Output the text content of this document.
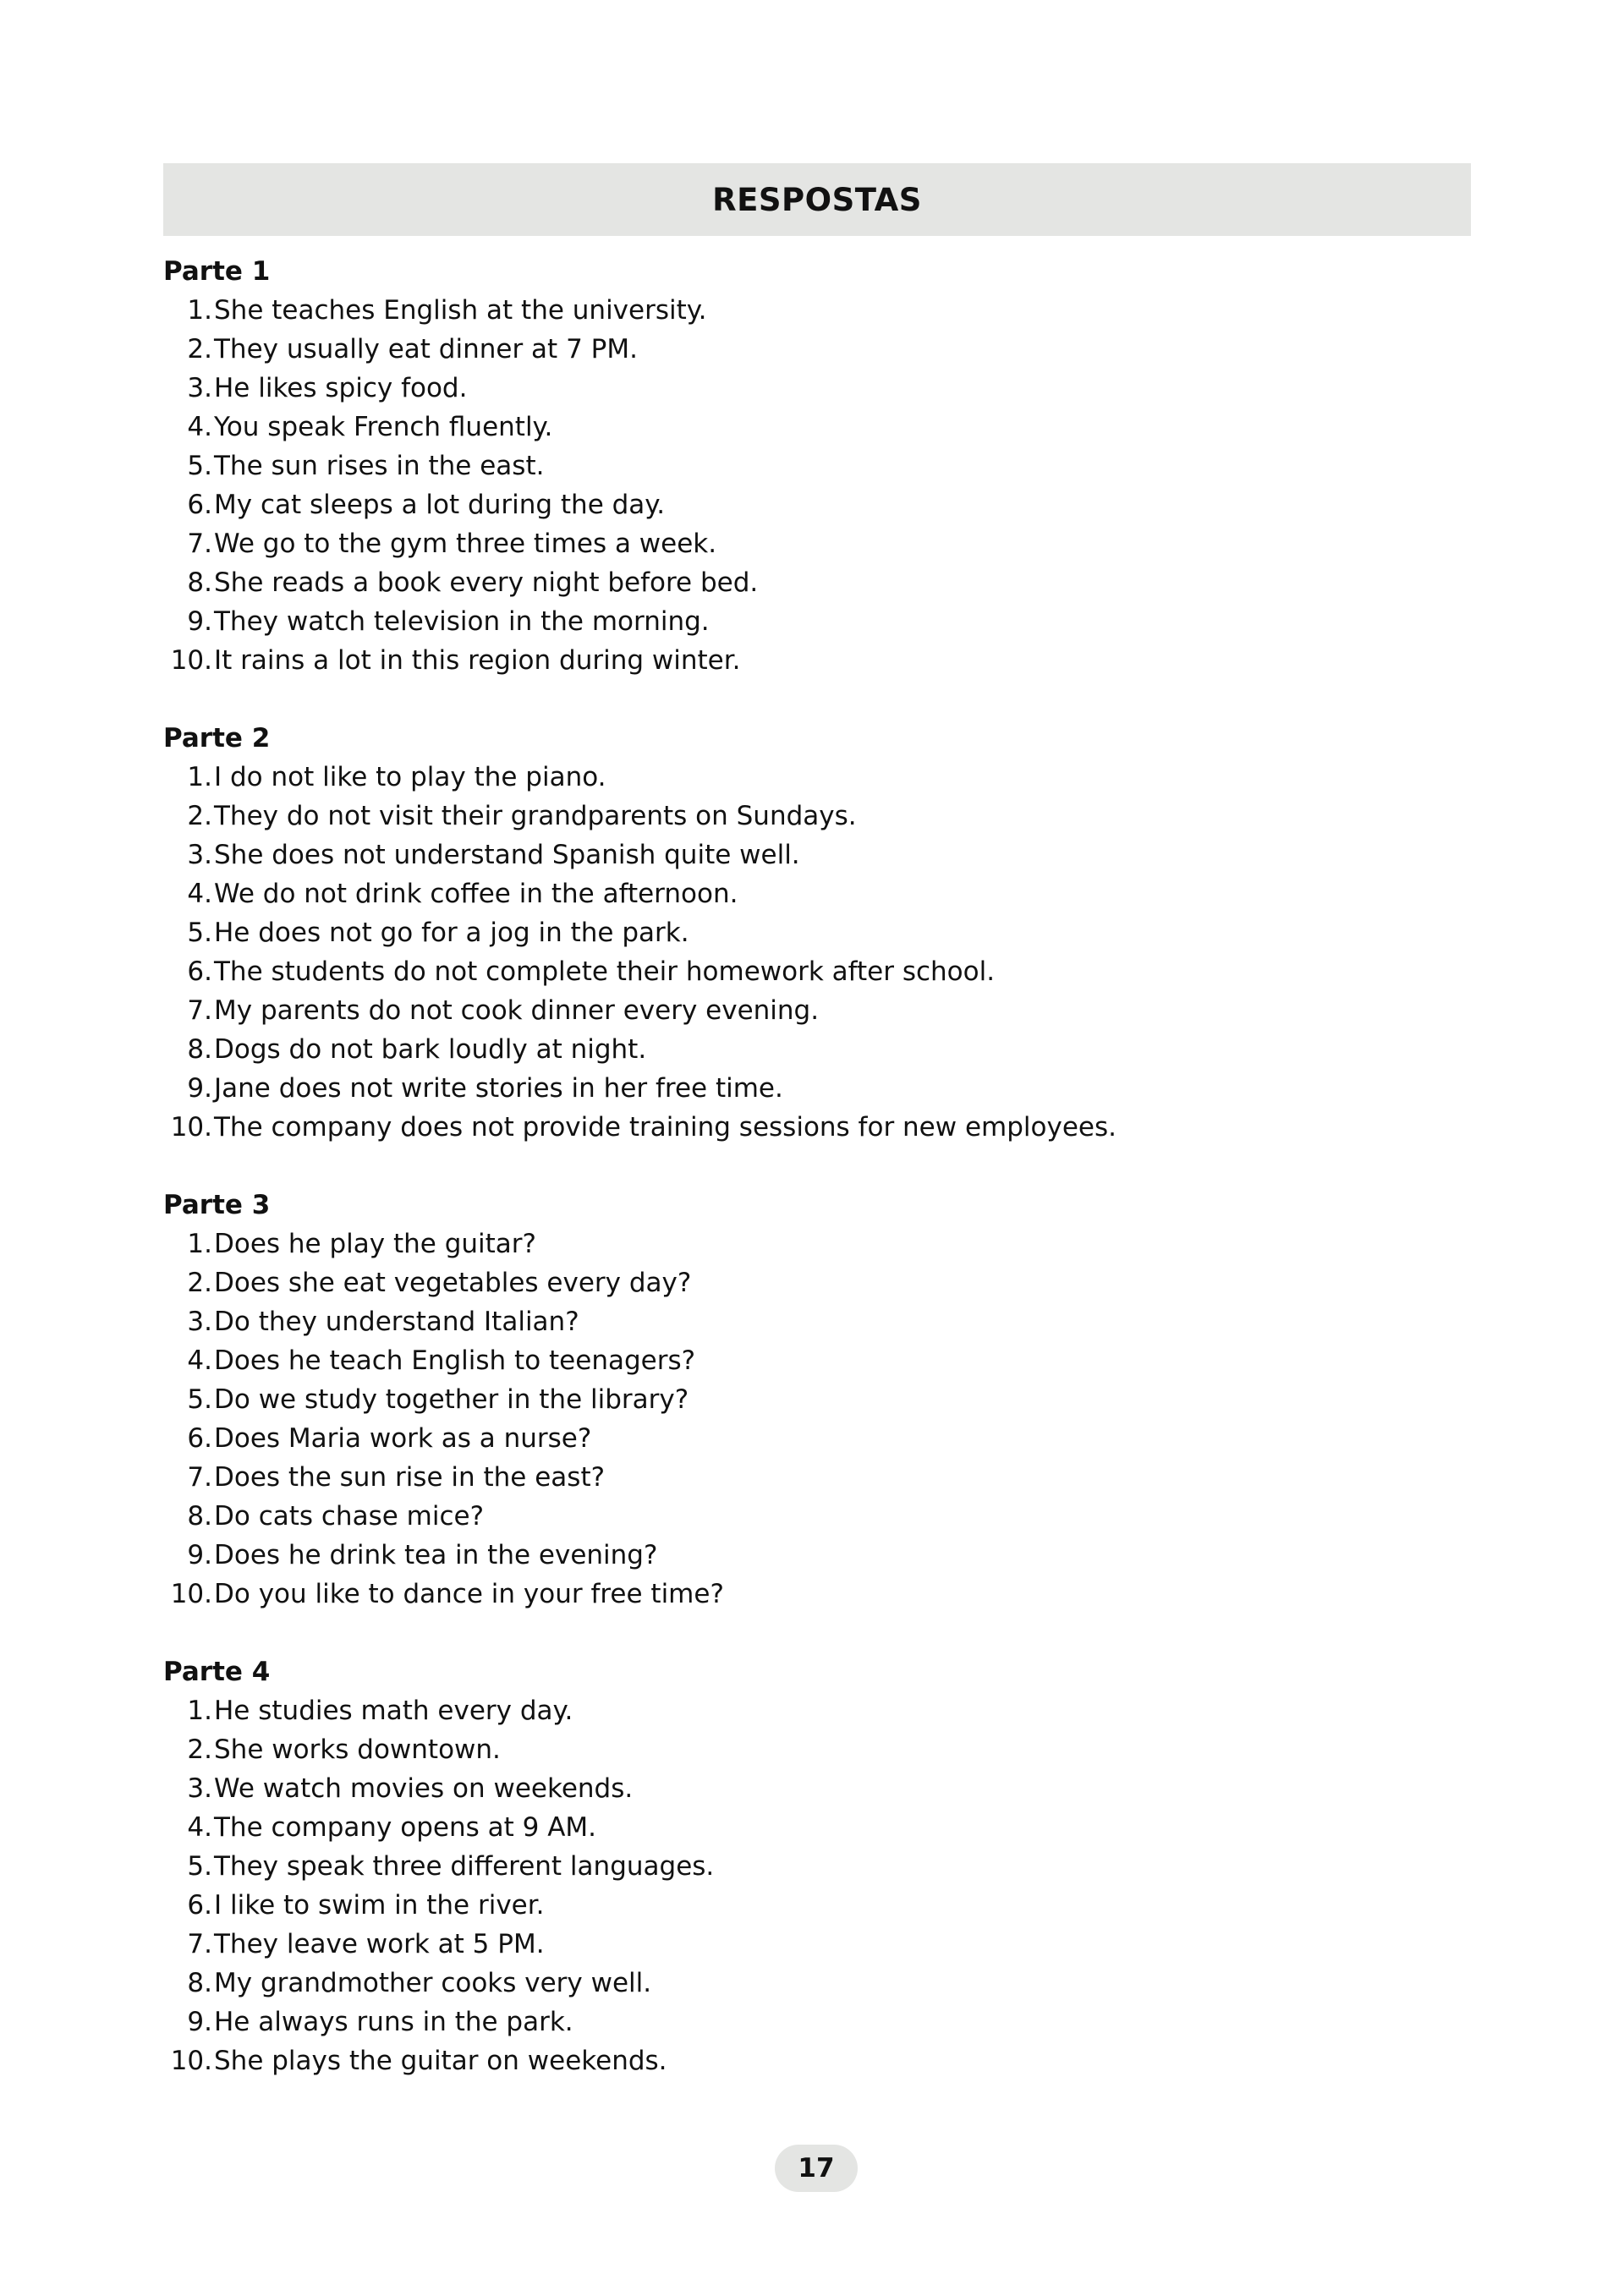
RESPOSTAS
Parte 1
1. She teaches English at the university.
2. They usually eat dinner at 7 PM.
3. He likes spicy food.
4. You speak French fluently.
5. The sun rises in the east.
6. My cat sleeps a lot during the day.
7. We go to the gym three times a week.
8. She reads a book every night before bed.
9. They watch television in the morning.
10. It rains a lot in this region during winter.
Parte 2
1. I do not like to play the piano.
2. They do not visit their grandparents on Sundays.
3. She does not understand Spanish quite well.
4. We do not drink coffee in the afternoon.
5. He does not go for a jog in the park.
6. The students do not complete their homework after school.
7. My parents do not cook dinner every evening.
8. Dogs do not bark loudly at night.
9. Jane does not write stories in her free time.
10. The company does not provide training sessions for new employees.
Parte 3
1. Does he play the guitar?
2. Does she eat vegetables every day?
3. Do they understand Italian?
4. Does he teach English to teenagers?
5. Do we study together in the library?
6. Does Maria work as a nurse?
7. Does the sun rise in the east?
8. Do cats chase mice?
9. Does he drink tea in the evening?
10. Do you like to dance in your free time?
Parte 4
1. He studies math every day.
2. She works downtown.
3. We watch movies on weekends.
4. The company opens at 9 AM.
5. They speak three different languages.
6. I like to swim in the river.
7. They leave work at 5 PM.
8. My grandmother cooks very well.
9. He always runs in the park.
10. She plays the guitar on weekends.
17
